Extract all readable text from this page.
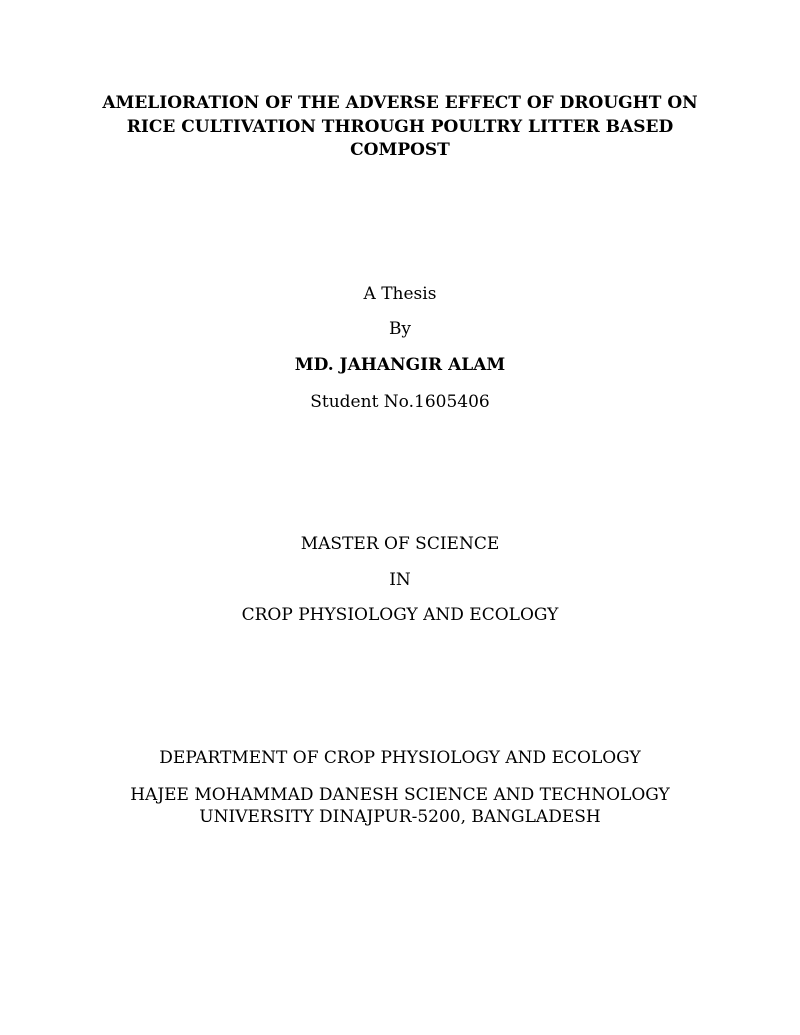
AMELIORATION OF THE ADVERSE EFFECT OF DROUGHT ON
RICE CULTIVATION THROUGH POULTRY LITTER BASED
COMPOST
A Thesis
By
MD. JAHANGIR ALAM
Student No.1605406
MASTER OF SCIENCE
IN
CROP PHYSIOLOGY AND ECOLOGY
DEPARTMENT OF CROP PHYSIOLOGY AND ECOLOGY
HAJEE MOHAMMAD DANESH SCIENCE AND TECHNOLOGY
UNIVERSITY DINAJPUR-5200, BANGLADESH
